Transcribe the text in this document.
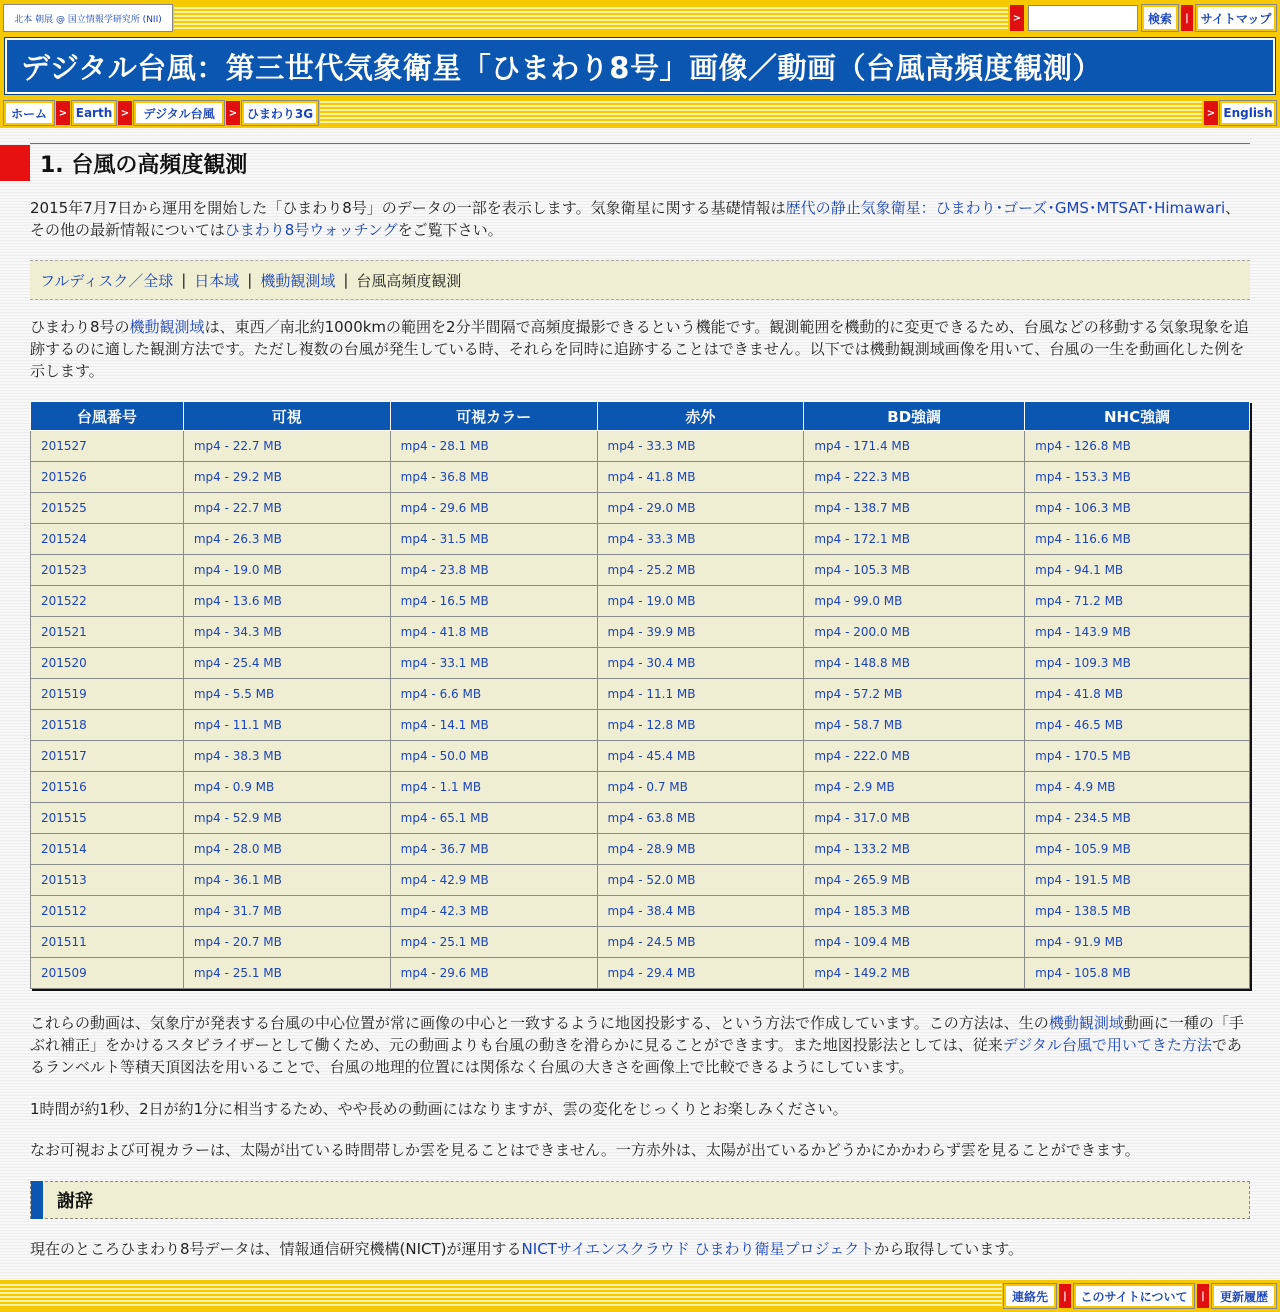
北本 朝展 @ 国立情報学研究所 (NII)	>	検索	| サイトマップ
デジタル台風：第三世代気象衛星「ひまわり8号」画像／動画（台風高頻度観測）
ホーム	> Earth >	デジタル台風	> ひまわり3G	> English
1. 台風の高頻度観測
2015年7月7日から運用を開始した「ひまわり8号」のデータの一部を表示します。気象衛星に関する基礎情報は歴代の静止気象衛星：ひまわり･ゴーズ･GMS･MTSAT･Himawari、その他の最新情報についてはひまわり8号ウォッチングをご覧下さい。
フルディスク／全球 | 日本域 | 機動観測域 | 台風高頻度観測
ひまわり8号の機動観測域は、東西／南北約1000kmの範囲を2分半間隔で高頻度撮影できるという機能です。観測範囲を機動的に変更できるため、台風などの移動する気象現象を追跡するのに適した観測方法です。ただし複数の台風が発生している時、それらを同時に追跡することはできません。以下では機動観測域画像を用いて、台風の一生を動画化した例を示します。
台風番号	可視	可視カラー	赤外	BD強調	NHC強調
201527	mp4 - 22.7 MB	mp4 - 28.1 MB	mp4 - 33.3 MB	mp4 - 171.4 MB	mp4 - 126.8 MB
201526	mp4 - 29.2 MB	mp4 - 36.8 MB	mp4 - 41.8 MB	mp4 - 222.3 MB	mp4 - 153.3 MB
201525	mp4 - 22.7 MB	mp4 - 29.6 MB	mp4 - 29.0 MB	mp4 - 138.7 MB	mp4 - 106.3 MB
201524	mp4 - 26.3 MB	mp4 - 31.5 MB	mp4 - 33.3 MB	mp4 - 172.1 MB	mp4 - 116.6 MB
201523	mp4 - 19.0 MB	mp4 - 23.8 MB	mp4 - 25.2 MB	mp4 - 105.3 MB	mp4 - 94.1 MB
201522	mp4 - 13.6 MB	mp4 - 16.5 MB	mp4 - 19.0 MB	mp4 - 99.0 MB	mp4 - 71.2 MB
201521	mp4 - 34.3 MB	mp4 - 41.8 MB	mp4 - 39.9 MB	mp4 - 200.0 MB	mp4 - 143.9 MB
201520	mp4 - 25.4 MB	mp4 - 33.1 MB	mp4 - 30.4 MB	mp4 - 148.8 MB	mp4 - 109.3 MB
201519	mp4 - 5.5 MB	mp4 - 6.6 MB	mp4 - 11.1 MB	mp4 - 57.2 MB	mp4 - 41.8 MB
201518	mp4 - 11.1 MB	mp4 - 14.1 MB	mp4 - 12.8 MB	mp4 - 58.7 MB	mp4 - 46.5 MB
201517	mp4 - 38.3 MB	mp4 - 50.0 MB	mp4 - 45.4 MB	mp4 - 222.0 MB	mp4 - 170.5 MB
201516	mp4 - 0.9 MB	mp4 - 1.1 MB	mp4 - 0.7 MB	mp4 - 2.9 MB	mp4 - 4.9 MB
201515	mp4 - 52.9 MB	mp4 - 65.1 MB	mp4 - 63.8 MB	mp4 - 317.0 MB	mp4 - 234.5 MB
201514	mp4 - 28.0 MB	mp4 - 36.7 MB	mp4 - 28.9 MB	mp4 - 133.2 MB	mp4 - 105.9 MB
201513	mp4 - 36.1 MB	mp4 - 42.9 MB	mp4 - 52.0 MB	mp4 - 265.9 MB	mp4 - 191.5 MB
201512	mp4 - 31.7 MB	mp4 - 42.3 MB	mp4 - 38.4 MB	mp4 - 185.3 MB	mp4 - 138.5 MB
201511	mp4 - 20.7 MB	mp4 - 25.1 MB	mp4 - 24.5 MB	mp4 - 109.4 MB	mp4 - 91.9 MB
201509	mp4 - 25.1 MB	mp4 - 29.6 MB	mp4 - 29.4 MB	mp4 - 149.2 MB	mp4 - 105.8 MB
これらの動画は、気象庁が発表する台風の中心位置が常に画像の中心と一致するように地図投影する、という方法で作成しています。この方法は、生の機動観測域動画に一種の「手ぶれ補正」をかけるスタビライザーとして働くため、元の動画よりも台風の動きを滑らかに見ることができます。また地図投影法としては、従来デジタル台風で用いてきた方法であるランベルト等積天頂図法を用いることで、台風の地理的位置には関係なく台風の大きさを画像上で比較できるようにしています。
1時間が約1秒、2日が約1分に相当するため、やや長めの動画にはなりますが、雲の変化をじっくりとお楽しみください。
なお可視および可視カラーは、太陽が出ている時間帯しか雲を見ることはできません。一方赤外は、太陽が出ているかどうかにかかわらず雲を見ることができます。
謝辞
現在のところひまわり8号データは、情報通信研究機構(NICT)が運用するNICTサイエンスクラウド ひまわり衛星プロジェクトから取得しています。
連絡先	|	このサイトについて	|	更新履歴
